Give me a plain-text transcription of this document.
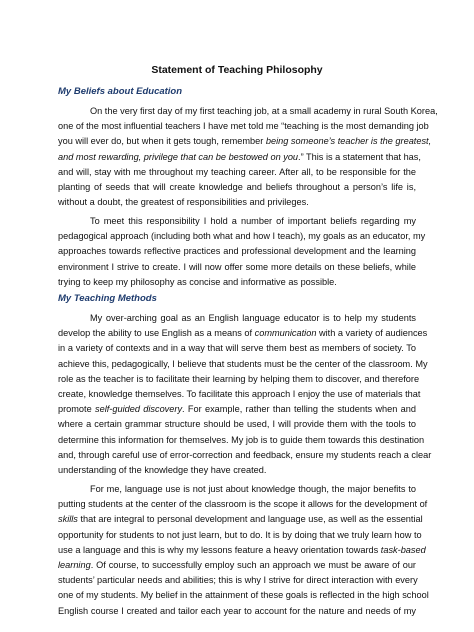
Statement of Teaching Philosophy
My Beliefs about Education
On the very first day of my first teaching job, at a small academy in rural South Korea,
one of the most influential teachers I have met told me “teaching is the most demanding job
you will ever do, but when it gets tough, remember being someone’s teacher is the greatest,
and most rewarding, privilege that can be bestowed on you.” This is a statement that has,
and will, stay with me throughout my teaching career. After all, to be responsible for the
planting of seeds that will create knowledge and beliefs throughout a person’s life is,
without a doubt, the greatest of responsibilities and privileges.
To meet this responsibility I hold a number of important beliefs regarding my
pedagogical approach (including both what and how I teach), my goals as an educator, my
approaches towards reflective practices and professional development and the learning
environment I strive to create. I will now offer some more details on these beliefs, while
trying to keep my philosophy as concise and informative as possible.
My Teaching Methods
My over-arching goal as an English language educator is to help my students
develop the ability to use English as a means of communication with a variety of audiences
in a variety of contexts and in a way that will serve them best as members of society. To
achieve this, pedagogically, I believe that students must be the center of the classroom. My
role as the teacher is to facilitate their learning by helping them to discover, and therefore
create, knowledge themselves. To facilitate this approach I enjoy the use of materials that
promote self-guided discovery. For example, rather than telling the students when and
where a certain grammar structure should be used, I will provide them with the tools to
determine this information for themselves. My job is to guide them towards this destination
and, through careful use of error-correction and feedback, ensure my students reach a clear
understanding of the knowledge they have created.
For me, language use is not just about knowledge though, the major benefits to
putting students at the center of the classroom is the scope it allows for the development of
skills that are integral to personal development and language use, as well as the essential
opportunity for students to not just learn, but to do. It is by doing that we truly learn how to
use a language and this is why my lessons feature a heavy orientation towards task-based
learning. Of course, to successfully employ such an approach we must be aware of our
students’ particular needs and abilities; this is why I strive for direct interaction with every
one of my students. My belief in the attainment of these goals is reflected in the high school
English course I created and tailor each year to account for the nature and needs of my
